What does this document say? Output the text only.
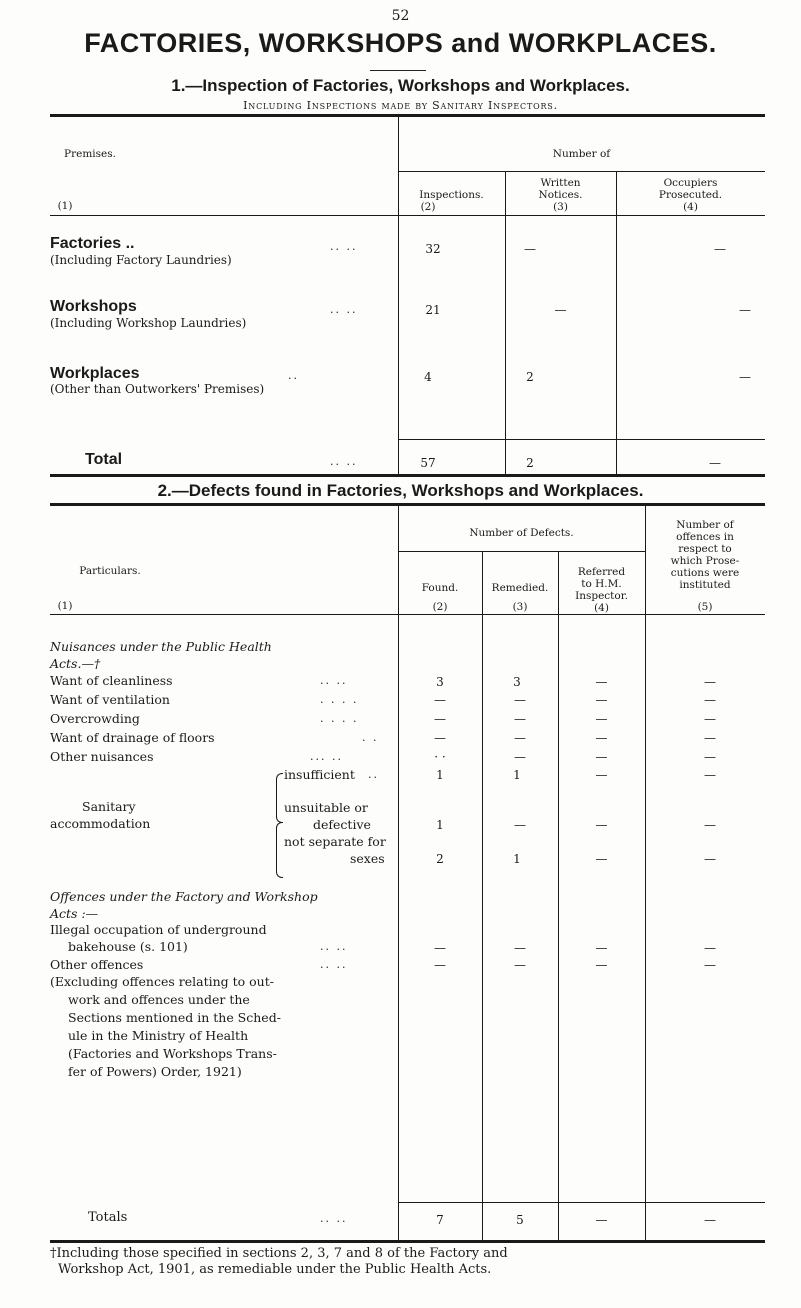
52
FACTORIES, WORKSHOPS and WORKPLACES.
1.—Inspection of Factories, Workshops and Workplaces.
Including Inspections made by Sanitary Inspectors.
Premises.
(1)
Number of
Inspections.
(2)
Written
Notices.
(3)
Occupiers
Prosecuted.
(4)
Factories ..	.. ..
(Including Factory Laundries)
32	—	—
Workshops	.. ..
(Including Workshop Laundries)
21	—	—
Workplaces	..
(Other than Outworkers' Premises)
4	2	—
Total	.. ..	57	2	—
2.—Defects found in Factories, Workshops and Workplaces.
Particulars.
(1)
Number of Defects.
Found.
(2)
Remedied.
(3)
Referred
to H.M.
Inspector.
(4)
Number of
offences in
respect to
which Prose-
cutions were
instituted
(5)
Nuisances under the Public Health
Acts.—†
Want of cleanliness	.. ..	3	3	—	—
Want of ventilation	. . . .	—	—	—	—
Overcrowding	. . . .	—	—	—	—
Want of drainage of floors	. .	—	—	—	—
Other nuisances	... ..	· ·	—	—	—
Sanitary
accommodation
insufficient ..	1	1	—	—
unsuitable or
defective	1	—	—	—
not separate for
sexes	2	1	—	—
Offences under the Factory and Workshop
Acts :—
Illegal occupation of underground
bakehouse (s. 101)	.. ..	—	—	—	—
Other offences	.. ..	—	—	—	—
(Excluding offences relating to out-
work and offences under the
Sections mentioned in the Sched-
ule in the Ministry of Health
(Factories and Workshops Trans-
fer of Powers) Order, 1921)
Totals	.. ..	7	5	—	—
†Including those specified in sections 2, 3, 7 and 8 of the Factory and
Workshop Act, 1901, as remediable under the Public Health Acts.
